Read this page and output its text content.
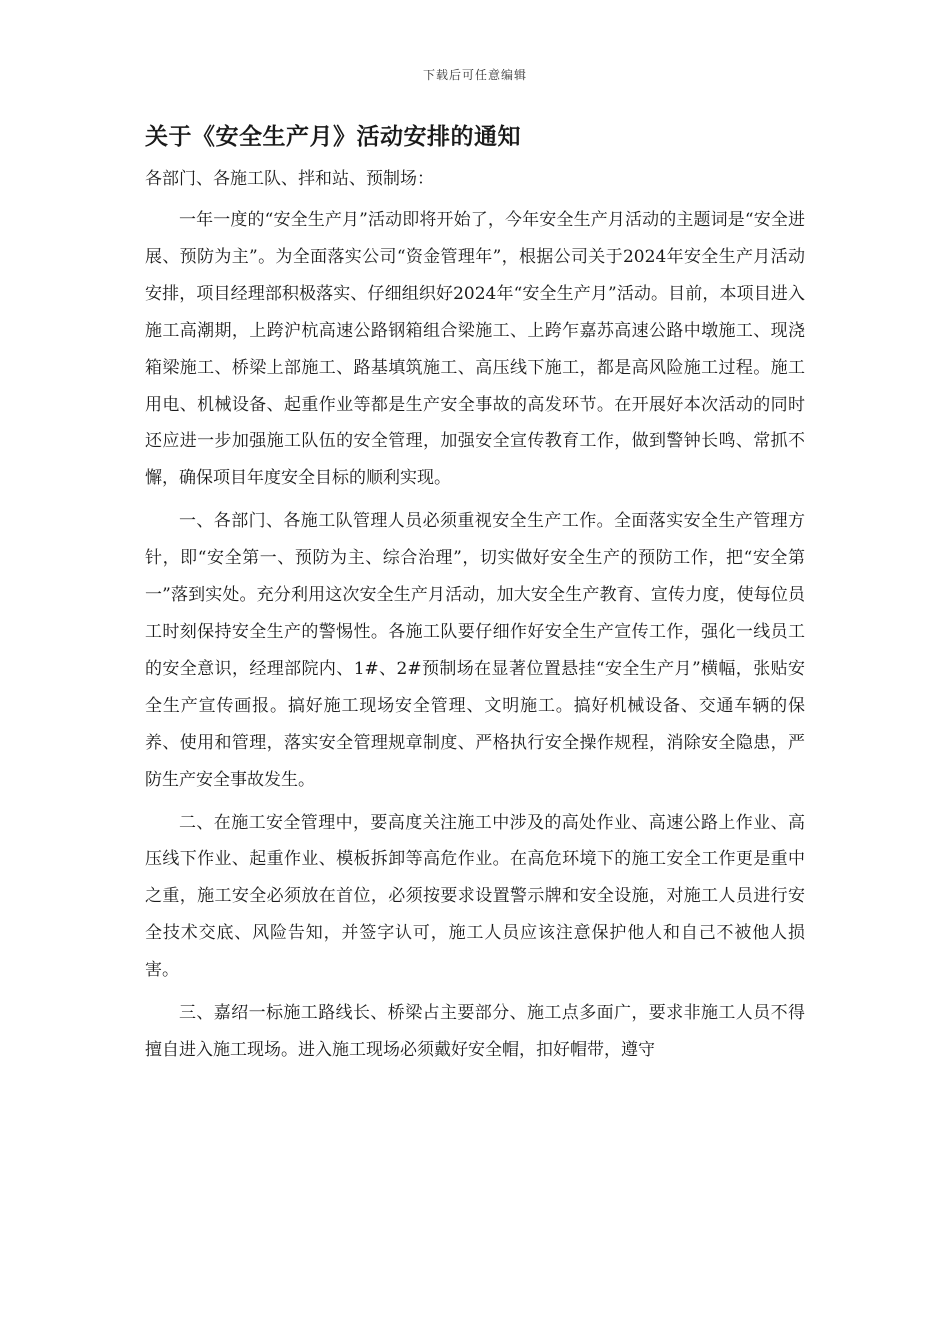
下载后可任意编辑
关于《安全生产月》活动安排的通知

各部门、各施工队、拌和站、预制场：

一年一度的“安全生产月”活动即将开始了，今年安全生产月活动的主题词是“安全进展、预防为主”。为全面落实公司“资金管理年”，根据公司关于2024年安全生产月活动安排，项目经理部积极落实、仔细组织好2024年“安全生产月”活动。目前，本项目进入施工高潮期，上跨沪杭高速公路钢箱组合梁施工、上跨乍嘉苏高速公路中墩施工、现浇箱梁施工、桥梁上部施工、路基填筑施工、高压线下施工，都是高风险施工过程。施工用电、机械设备、起重作业等都是生产安全事故的高发环节。在开展好本次活动的同时还应进一步加强施工队伍的安全管理，加强安全宣传教育工作，做到警钟长鸣、常抓不懈，确保项目年度安全目标的顺利实现。

一、各部门、各施工队管理人员必须重视安全生产工作。全面落实安全生产管理方针，即“安全第一、预防为主、综合治理”，切实做好安全生产的预防工作，把“安全第一”落到实处。充分利用这次安全生产月活动，加大安全生产教育、宣传力度，使每位员工时刻保持安全生产的警惕性。各施工队要仔细作好安全生产宣传工作，强化一线员工的安全意识，经理部院内、1#、2#预制场在显著位置悬挂“安全生产月”横幅，张贴安全生产宣传画报。搞好施工现场安全管理、文明施工。搞好机械设备、交通车辆的保养、使用和管理，落实安全管理规章制度、严格执行安全操作规程，消除安全隐患，严防生产安全事故发生。

二、在施工安全管理中，要高度关注施工中涉及的高处作业、高速公路上作业、高压线下作业、起重作业、模板拆卸等高危作业。在高危环境下的施工安全工作更是重中之重，施工安全必须放在首位，必须按要求设置警示牌和安全设施，对施工人员进行安全技术交底、风险告知，并签字认可，施工人员应该注意保护他人和自己不被他人损害。

三、嘉绍一标施工路线长、桥梁占主要部分、施工点多面广，要求非施工人员不得擅自进入施工现场。进入施工现场必须戴好安全帽，扣好帽带，遵守
